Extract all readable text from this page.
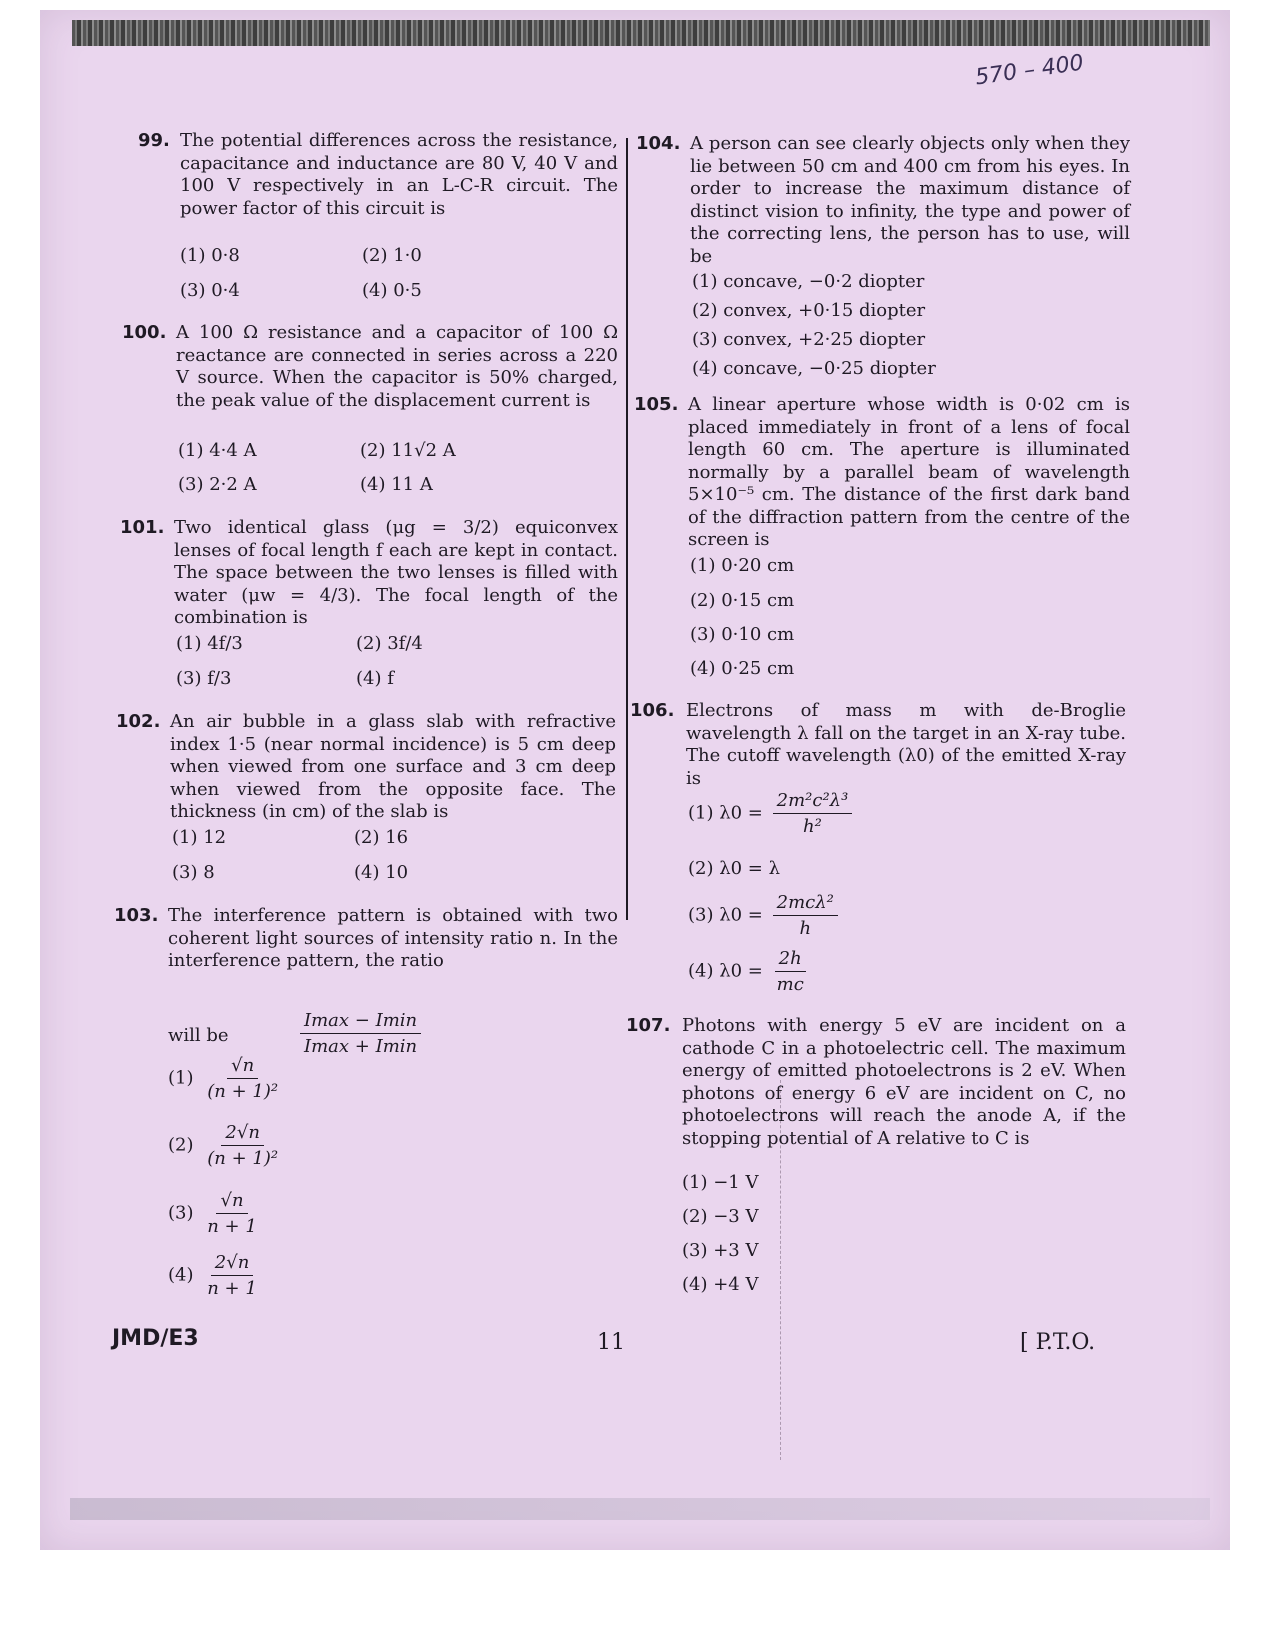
570 – 400
99. The potential differences across the resistance, capacitance and inductance are 80 V, 40 V and 100 V respectively in an L-C-R circuit. The power factor of this circuit is
(1) 0·8	(2) 1·0
(3) 0·4	(4) 0·5
100. A 100 Ω resistance and a capacitor of 100 Ω reactance are connected in series across a 220 V source. When the capacitor is 50% charged, the peak value of the displacement current is
(1) 4·4 A	(2) 11√2 A
(3) 2·2 A	(4) 11 A
101. Two identical glass (μg = 3/2) equiconvex lenses of focal length f each are kept in contact. The space between the two lenses is filled with water (μw = 4/3). The focal length of the combination is
(1) 4f/3	(2) 3f/4
(3) f/3	(4) f
102. An air bubble in a glass slab with refractive index 1·5 (near normal incidence) is 5 cm deep when viewed from one surface and 3 cm deep when viewed from the opposite face. The thickness (in cm) of the slab is
(1) 12	(2) 16
(3) 8	(4) 10
103. The interference pattern is obtained with two coherent light sources of intensity ratio n. In the interference pattern, the ratio
Imax − Imin
Imax + Imin
will be
$(1) \frac{√n}{\text{(n + 1)²}}$
$(2) \frac{2√n}{\text{(n + 1)²}}$
$(3) \frac{√n}{n + 1}$
$(4) \frac{2√n}{n + 1}$
104. A person can see clearly objects only when they lie between 50 cm and 400 cm from his eyes. In order to increase the maximum distance of distinct vision to infinity, the type and power of the correcting lens, the person has to use, will be
(1) concave, −0·2 diopter
(2) convex, +0·15 diopter
(3) convex, +2·25 diopter
(4) concave, −0·25 diopter
105. A linear aperture whose width is 0·02 cm is placed immediately in front of a lens of focal length 60 cm. The aperture is illuminated normally by a parallel beam of wavelength 5×10⁻⁵ cm. The distance of the first dark band of the diffraction pattern from the centre of the screen is
(1) 0·20 cm
(2) 0·15 cm
(3) 0·10 cm
(4) 0·25 cm
106. Electrons of mass m with de-Broglie wavelength λ fall on the target in an X-ray tube. The cutoff wavelength (λ0) of the emitted X-ray is
(1) $\lambda 0 = \frac{\text{2m²c²λ³}}{\text{h²}}$
(2) λ0 = λ
(3) $\lambda 0 = \frac{\text{2mcλ²}}{h}$
(4) $\lambda 0 = \frac{2h}{mc}$
107. Photons with energy 5 eV are incident on a cathode C in a photoelectric cell. The maximum energy of emitted photoelectrons is 2 eV. When photons of energy 6 eV are incident on C, no photoelectrons will reach the anode A, if the stopping potential of A relative to C is
(1) −1 V
(2) −3 V
(3) +3 V
(4) +4 V
JMD/E3	11	[ P.T.O.
